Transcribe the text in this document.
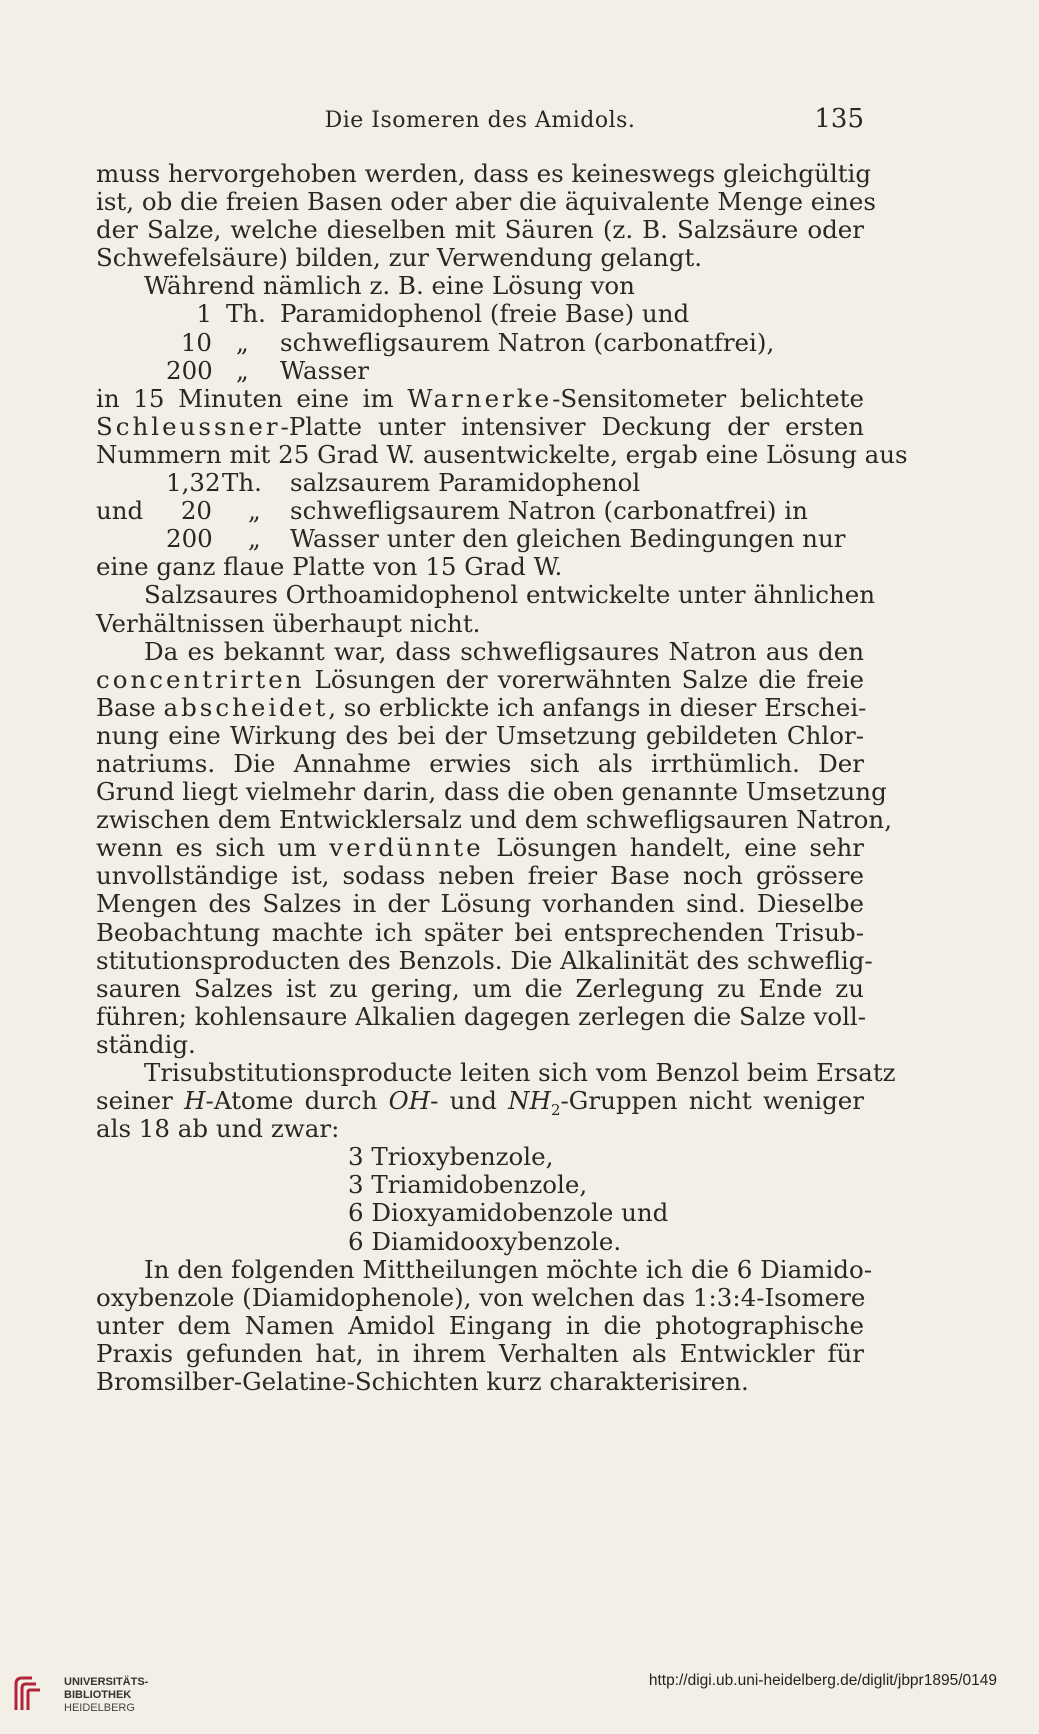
Die Isomeren des Amidols.	135
muss hervorgehoben werden, dass es keineswegs gleichgültig
ist, ob die freien Basen oder aber die äquivalente Menge eines
der Salze, welche dieselben mit Säuren (z. B. Salzsäure oder
Schwefelsäure) bilden, zur Verwendung gelangt.
Während nämlich z. B. eine Lösung von
1 Th. Paramidophenol (freie Base) und
10 „ schwefligsaurem Natron (carbonatfrei),
200 „ Wasser
in 15 Minuten eine im Warnerke-Sensitometer belichtete
Schleussner-Platte unter intensiver Deckung der ersten
Nummern mit 25 Grad W. ausentwickelte, ergab eine Lösung aus
1,32 Th. salzsaurem Paramidophenol
und	20 „ schwefligsaurem Natron (carbonatfrei) in
200 „ Wasser unter den gleichen Bedingungen nur
eine ganz flaue Platte von 15 Grad W.
Salzsaures Orthoamidophenol entwickelte unter ähnlichen
Verhältnissen überhaupt nicht.
Da es bekannt war, dass schwefligsaures Natron aus den
concentrirten Lösungen der vorerwähnten Salze die freie
Base abscheidet, so erblickte ich anfangs in dieser Erschei-
nung eine Wirkung des bei der Umsetzung gebildeten Chlor-
natriums. Die Annahme erwies sich als irrthümlich. Der
Grund liegt vielmehr darin, dass die oben genannte Umsetzung
zwischen dem Entwicklersalz und dem schwefligsauren Natron,
wenn es sich um verdünnte Lösungen handelt, eine sehr
unvollständige ist, sodass neben freier Base noch grössere
Mengen des Salzes in der Lösung vorhanden sind. Dieselbe
Beobachtung machte ich später bei entsprechenden Trisub-
stitutionsproducten des Benzols. Die Alkalinität des schweflig-
sauren Salzes ist zu gering, um die Zerlegung zu Ende zu
führen; kohlensaure Alkalien dagegen zerlegen die Salze voll-
ständig.
Trisubstitutionsproducte leiten sich vom Benzol beim Ersatz
seiner H-Atome durch OH- und $NH_2$-Gruppen nicht weniger
als 18 ab und zwar:
3 Trioxybenzole,
3 Triamidobenzole,
6 Dioxyamidobenzole und
6 Diamidooxybenzole.
In den folgenden Mittheilungen möchte ich die 6 Diamido-
oxybenzole (Diamidophenole), von welchen das 1:3:4-Isomere
unter dem Namen Amidol Eingang in die photographische
Praxis gefunden hat, in ihrem Verhalten als Entwickler für
Bromsilber-Gelatine-Schichten kurz charakterisiren.
UNIVERSITÄTS-
BIBLIOTHEK
HEIDELBERG
http://digi.ub.uni-heidelberg.de/diglit/jbpr1895/0149
